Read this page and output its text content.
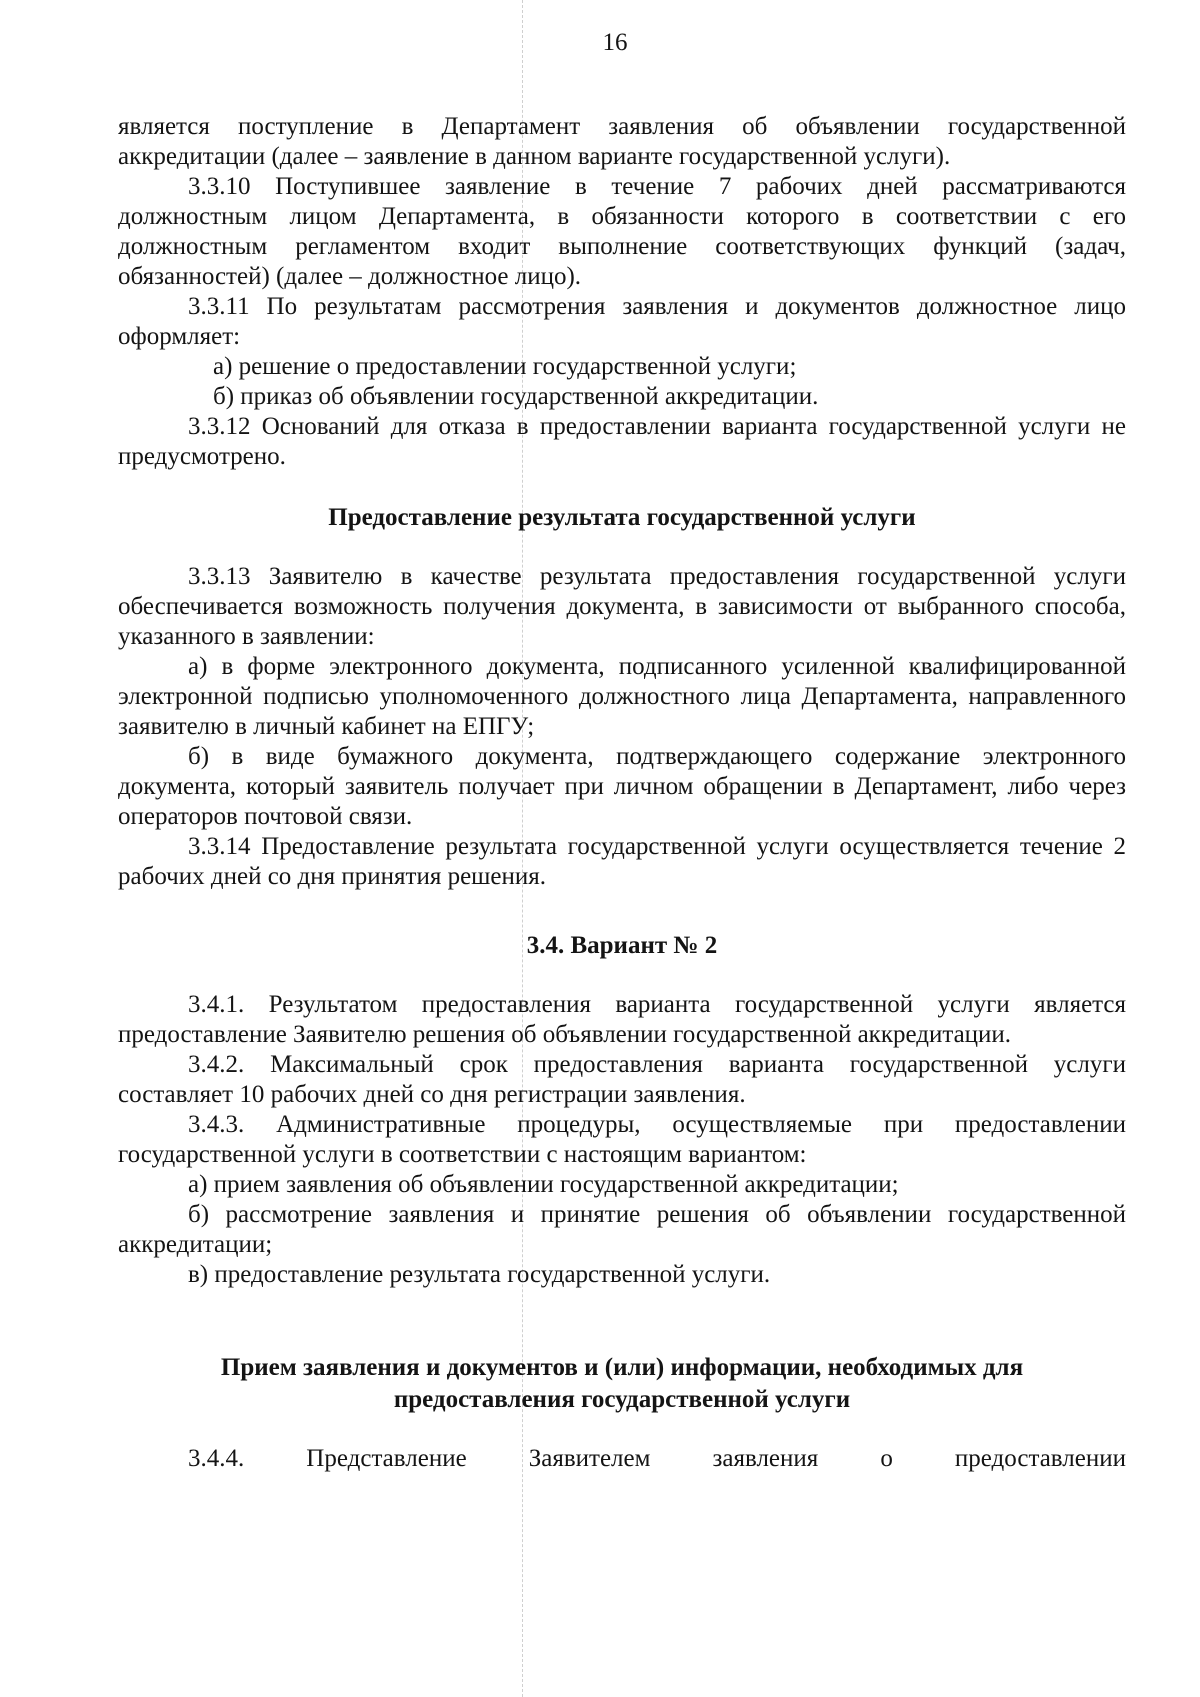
16

является поступление в Департамент заявления об объявлении государственной аккредитации (далее – заявление в данном варианте государственной услуги).

3.3.10 Поступившее заявление в течение 7 рабочих дней рассматриваются должностным лицом Департамента, в обязанности которого в соответствии с его должностным регламентом входит выполнение соответствующих функций (задач, обязанностей) (далее – должностное лицо).

3.3.11 По результатам рассмотрения заявления и документов должностное лицо оформляет:

а) решение о предоставлении государственной услуги;

б) приказ об объявлении государственной аккредитации.

3.3.12 Оснований для отказа в предоставлении варианта государственной услуги не предусмотрено.

Предоставление результата государственной услуги

3.3.13 Заявителю в качестве результата предоставления государственной услуги обеспечивается возможность получения документа, в зависимости от выбранного способа, указанного в заявлении:

а) в форме электронного документа, подписанного усиленной квалифицированной электронной подписью уполномоченного должностного лица Департамента, направленного заявителю в личный кабинет на ЕПГУ;

б) в виде бумажного документа, подтверждающего содержание электронного документа, который заявитель получает при личном обращении в Департамент, либо через операторов почтовой связи.

3.3.14 Предоставление результата государственной услуги осуществляется течение 2 рабочих дней со дня принятия решения.

3.4. Вариант № 2

3.4.1. Результатом предоставления варианта государственной услуги является предоставление Заявителю решения об объявлении государственной аккредитации.

3.4.2. Максимальный срок предоставления варианта государственной услуги составляет 10 рабочих дней со дня регистрации заявления.

3.4.3. Административные процедуры, осуществляемые при предоставлении государственной услуги в соответствии с настоящим вариантом:

а) прием заявления об объявлении государственной аккредитации;

б) рассмотрение заявления и принятие решения об объявлении государственной аккредитации;

в) предоставление результата государственной услуги.

Прием заявления и документов и (или) информации, необходимых для
предоставления государственной услуги

3.4.4. Представление Заявителем заявления о предоставлении
